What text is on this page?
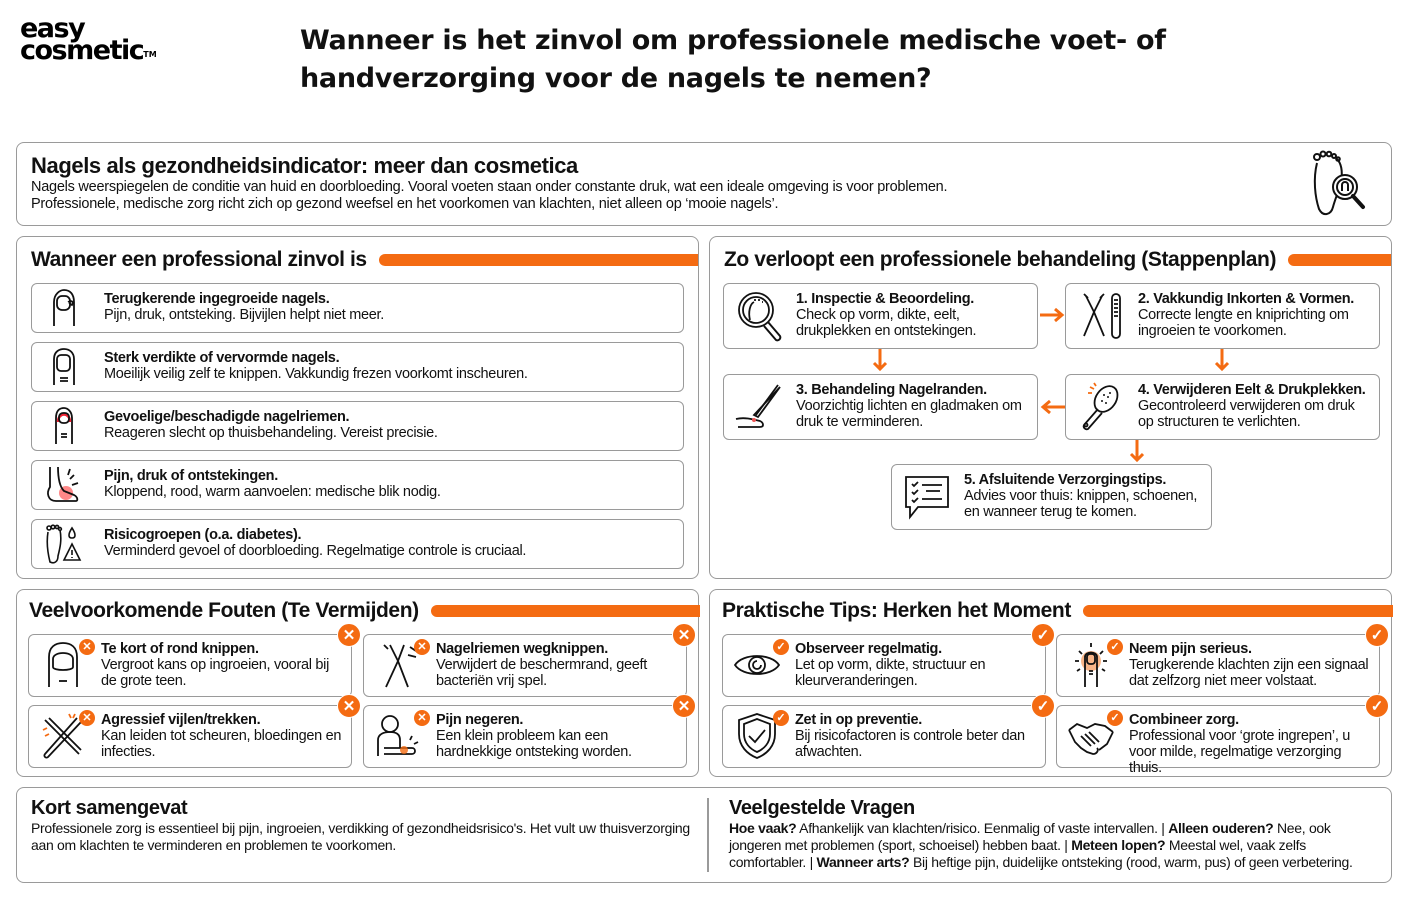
easy
cosmetic™	Wanneer is het zinvol om professionele medische voet- of handverzorging voor de nagels te nemen?
Nagels als gezondheidsindicator: meer dan cosmetica

Nagels weerspiegelen de conditie van huid en doorbloeding. Vooral voeten staan onder constante druk, wat een ideale omgeving is voor problemen.

Professionele, medische zorg richt zich op gezond weefsel en het voorkomen van klachten, niet alleen op ‘mooie nagels’.

Wanneer een professional zinvol is
Terugkerende ingegroeide nagels.
Pijn, druk, ontsteking. Bijvijlen helpt niet meer.
Sterk verdikte of vervormde nagels.
Moeilijk veilig zelf te knippen. Vakkundig frezen voorkomt inscheuren.
Gevoelige/beschadigde nagelriemen.
Reageren slecht op thuisbehandeling. Vereist precisie.
Pijn, druk of ontstekingen.
Kloppend, rood, warm aanvoelen: medische blik nodig.
Risicogroepen (o.a. diabetes).
Verminderd gevoel of doorbloeding. Regelmatige controle is cruciaal.
Zo verloopt een professionele behandeling (Stappenplan)
1. Inspectie & Beoordeling.
Check op vorm, dikte, eelt, drukplekken en ontstekingen.
2. Vakkundig Inkorten & Vormen.
Correcte lengte en kniprichting om ingroeien te voorkomen.
3. Behandeling Nagelranden.
Voorzichtig lichten en gladmaken om druk te verminderen.
4. Verwijderen Eelt & Drukplekken.
Gecontroleerd verwijderen om druk op structuren te verlichten.
5. Afsluitende Verzorgingstips.
Advies voor thuis: knippen, schoenen, en wanneer terug te komen.
Veelvoorkomende Fouten (Te Vermijden)
✕
✕
Te kort of rond knippen.
Vergroot kans op ingroeien, vooral bij de grote teen.
✕
✕
Nagelriemen wegknippen.
Verwijdert de beschermrand, geeft bacteriën vrij spel.
✕
✕
Agressief vijlen/trekken.
Kan leiden tot scheuren, bloedingen en infecties.
✕
✕
Pijn negeren.
Een klein probleem kan een hardnekkige ontsteking worden.
Praktische Tips: Herken het Moment
✓
✓
Observeer regelmatig.
Let op vorm, dikte, structuur en kleurveranderingen.
✓
✓
Neem pijn serieus.
Terugkerende klachten zijn een signaal dat zelfzorg niet meer volstaat.
✓
✓
Zet in op preventie.
Bij risicofactoren is controle beter dan afwachten.
✓
✓
Combineer zorg.
Professional voor ‘grote ingrepen’, u voor milde, regelmatige verzorging thuis.
Kort samengevat

Professionele zorg is essentieel bij pijn, ingroeien, verdikking of gezondheidsrisico's. Het vult uw thuisverzorging aan om klachten te verminderen en problemen te voorkomen.

Veelgestelde Vragen

Hoe vaak? Afhankelijk van klachten/risico. Eenmalig of vaste intervallen. | Alleen ouderen? Nee, ook jongeren met problemen (sport, schoeisel) hebben baat. | Meteen lopen? Meestal wel, vaak zelfs comfortabler. | Wanneer arts? Bij heftige pijn, duidelijke ontsteking (rood, warm, pus) of geen verbetering.
